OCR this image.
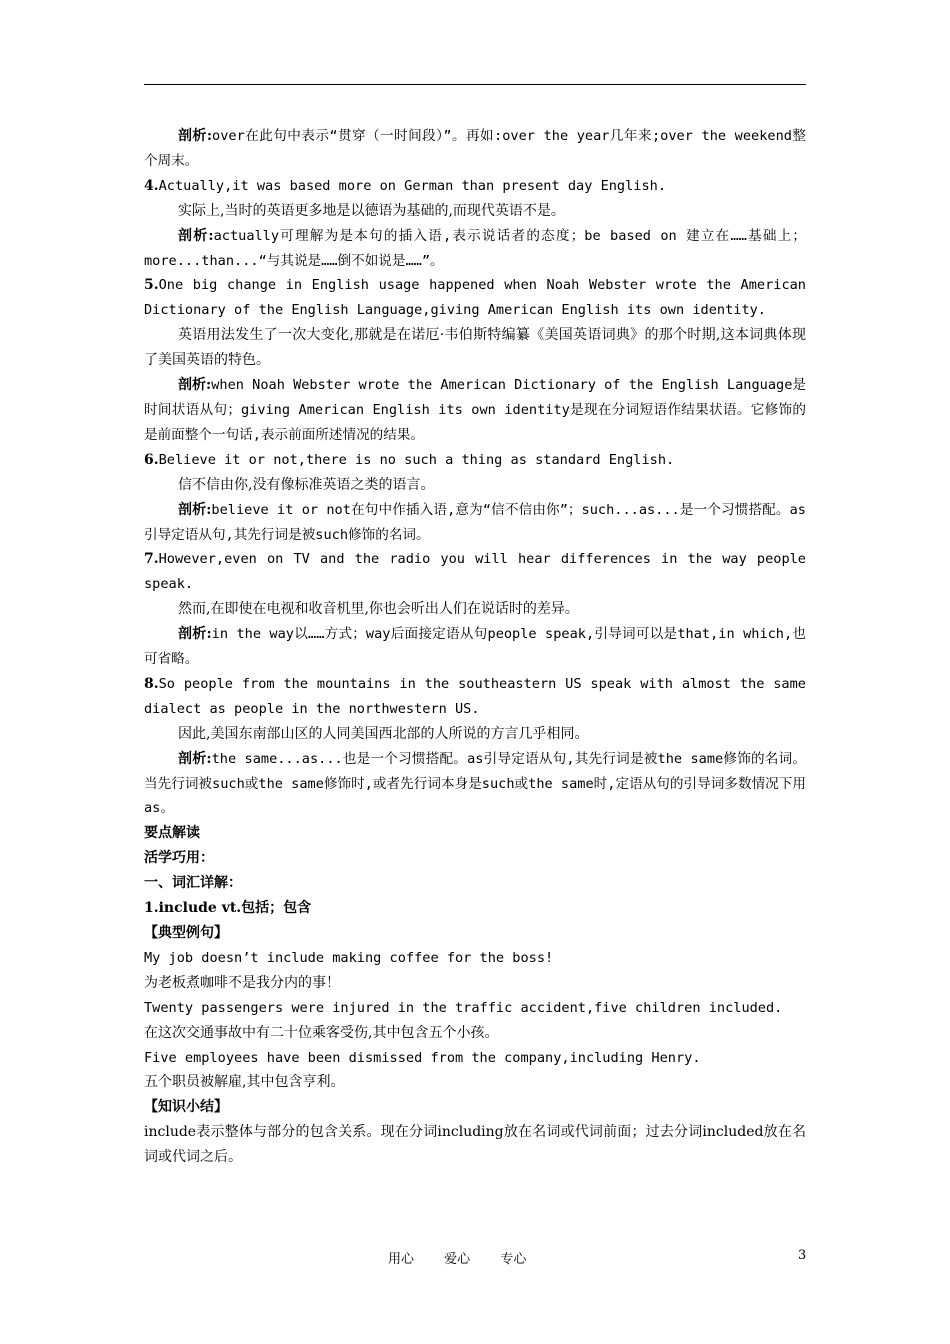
剖析:over在此句中表示“贯穿（一时间段）”。再如:over the year几年来;over the weekend整个周末。

4.Actually,it was based more on German than present day English.

实际上,当时的英语更多地是以德语为基础的,而现代英语不是。

剖析:actually可理解为是本句的插入语,表示说话者的态度；be based on 建立在……基础上；more...than...“与其说是……倒不如说是……”。

5.One big change in English usage happened when Noah Webster wrote the American Dictionary of the English Language,giving American English its own identity.

英语用法发生了一次大变化,那就是在诺厄·韦伯斯特编纂《美国英语词典》的那个时期,这本词典体现了美国英语的特色。

剖析:when Noah Webster wrote the American Dictionary of the English Language是时间状语从句；giving American English its own identity是现在分词短语作结果状语。它修饰的是前面整个一句话,表示前面所述情况的结果。

6.Believe it or not,there is no such a thing as standard English.

信不信由你,没有像标准英语之类的语言。

剖析:believe it or not在句中作插入语,意为“信不信由你”；such...as...是一个习惯搭配。as引导定语从句,其先行词是被such修饰的名词。

7.However,even on TV and the radio you will hear differences in the way people speak.

然而,在即使在电视和收音机里,你也会听出人们在说话时的差异。

剖析:in the way以……方式；way后面接定语从句people speak,引导词可以是that,in which,也可省略。

8.So people from the mountains in the southeastern US speak with almost the same dialect as people in the northwestern US.

因此,美国东南部山区的人同美国西北部的人所说的方言几乎相同。

剖析:the same...as...也是一个习惯搭配。as引导定语从句,其先行词是被the same修饰的名词。当先行词被such或the same修饰时,或者先行词本身是such或the same时,定语从句的引导词多数情况下用as。

要点解读

活学巧用：

一、词汇详解：

1.include vt.包括；包含

【典型例句】

My job doesn’t include making coffee for the boss!

为老板煮咖啡不是我分内的事！

Twenty passengers were injured in the traffic accident,five children included.

在这次交通事故中有二十位乘客受伤,其中包含五个小孩。

Five employees have been dismissed from the company,including Henry.

五个职员被解雇,其中包含亨利。

【知识小结】

include表示整体与部分的包含关系。现在分词including放在名词或代词前面；过去分词included放在名词或代词之后。

用心 爱心 专心	3
